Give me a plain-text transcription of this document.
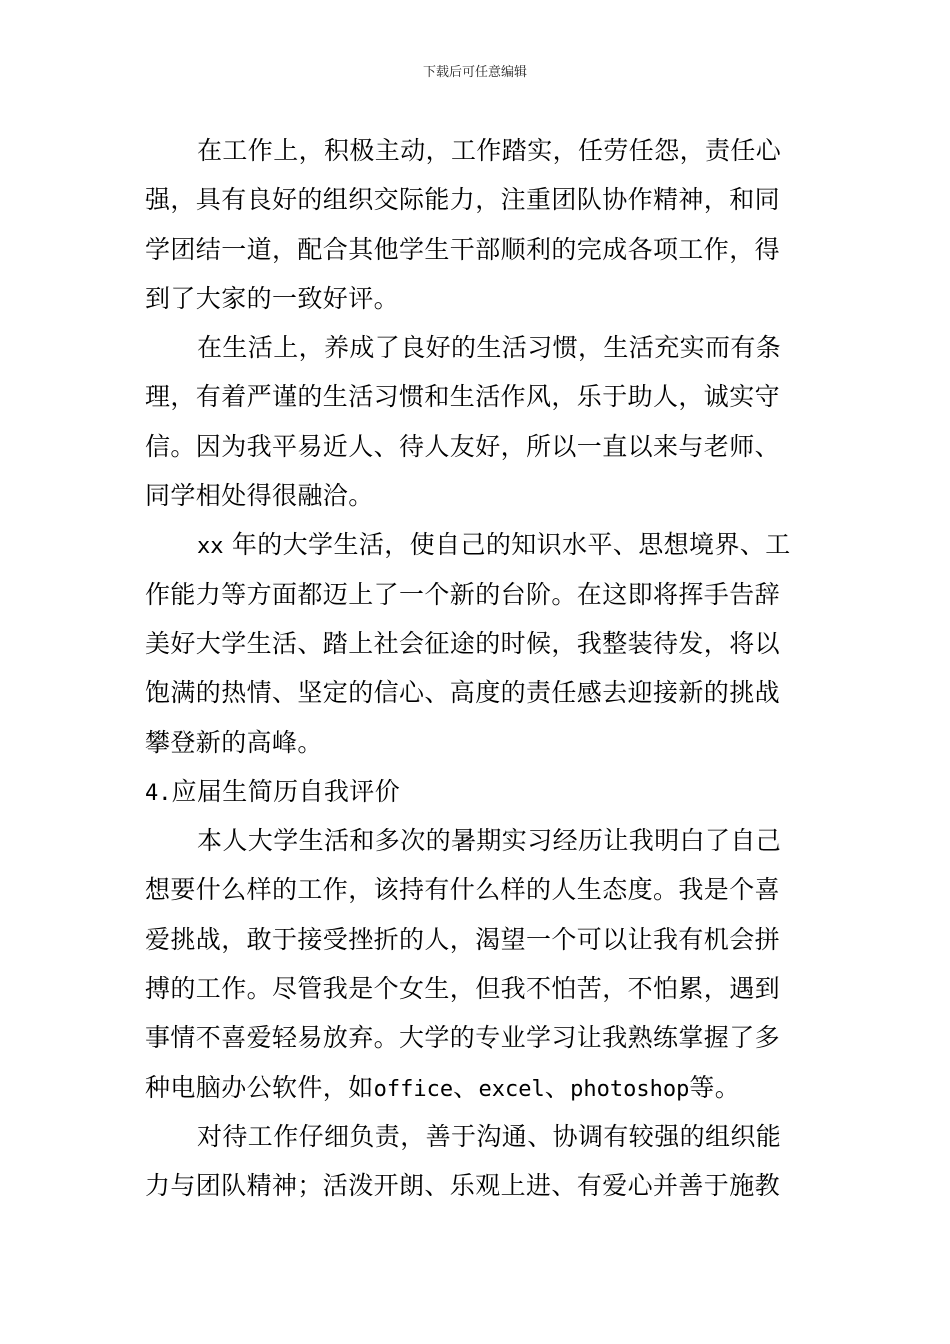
下载后可任意编辑
在工作上，积极主动，工作踏实，任劳任怨，责任心
强，具有良好的组织交际能力，注重团队协作精神，和同
学团结一道，配合其他学生干部顺利的完成各项工作，得
到了大家的一致好评。
在生活上，养成了良好的生活习惯，生活充实而有条
理，有着严谨的生活习惯和生活作风，乐于助人，诚实守
信。因为我平易近人、待人友好，所以一直以来与老师、
同学相处得很融洽。
xx 年的大学生活，使自己的知识水平、思想境界、工
作能力等方面都迈上了一个新的台阶。在这即将挥手告辞
美好大学生活、踏上社会征途的时候，我整装待发，将以
饱满的热情、坚定的信心、高度的责任感去迎接新的挑战
攀登新的高峰。
4.应届生简历自我评价
本人大学生活和多次的暑期实习经历让我明白了自己
想要什么样的工作，该持有什么样的人生态度。我是个喜
爱挑战，敢于接受挫折的人，渴望一个可以让我有机会拼
搏的工作。尽管我是个女生，但我不怕苦，不怕累，遇到
事情不喜爱轻易放弃。大学的专业学习让我熟练掌握了多
种电脑办公软件，如office、excel、photoshop等。
对待工作仔细负责，善于沟通、协调有较强的组织能
力与团队精神；活泼开朗、乐观上进、有爱心并善于施教
